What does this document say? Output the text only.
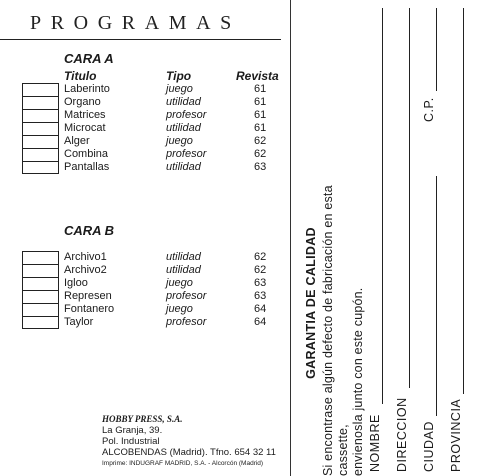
PROGRAMAS
CARA A
Titulo	Tipo	Revista
Laberinto	juego	61
Organo	utilidad	61
Matrices	profesor	61
Microcat	utilidad	61
Alger	juego	62
Combina	profesor	62
Pantallas	utilidad	63
CARA B
Archivo1	utilidad	62
Archivo2	utilidad	62
Igloo	juego	63
Represen	profesor	63
Fontanero	juego	64
Taylor	profesor	64
HOBBY PRESS, S.A.
La Granja, 39.
Pol. Industrial
ALCOBENDAS (Madrid). Tfno. 654 32 11
Imprime: INDUGRAF MADRID, S.A. - Alcorcón (Madrid)
GARANTIA DE CALIDAD Si encontrase algún defecto de fabricación en esta cassette, envienosla junto con este cupón. NOMBRE DIRECCION CIUDAD
C.P.
PROVINCIA
